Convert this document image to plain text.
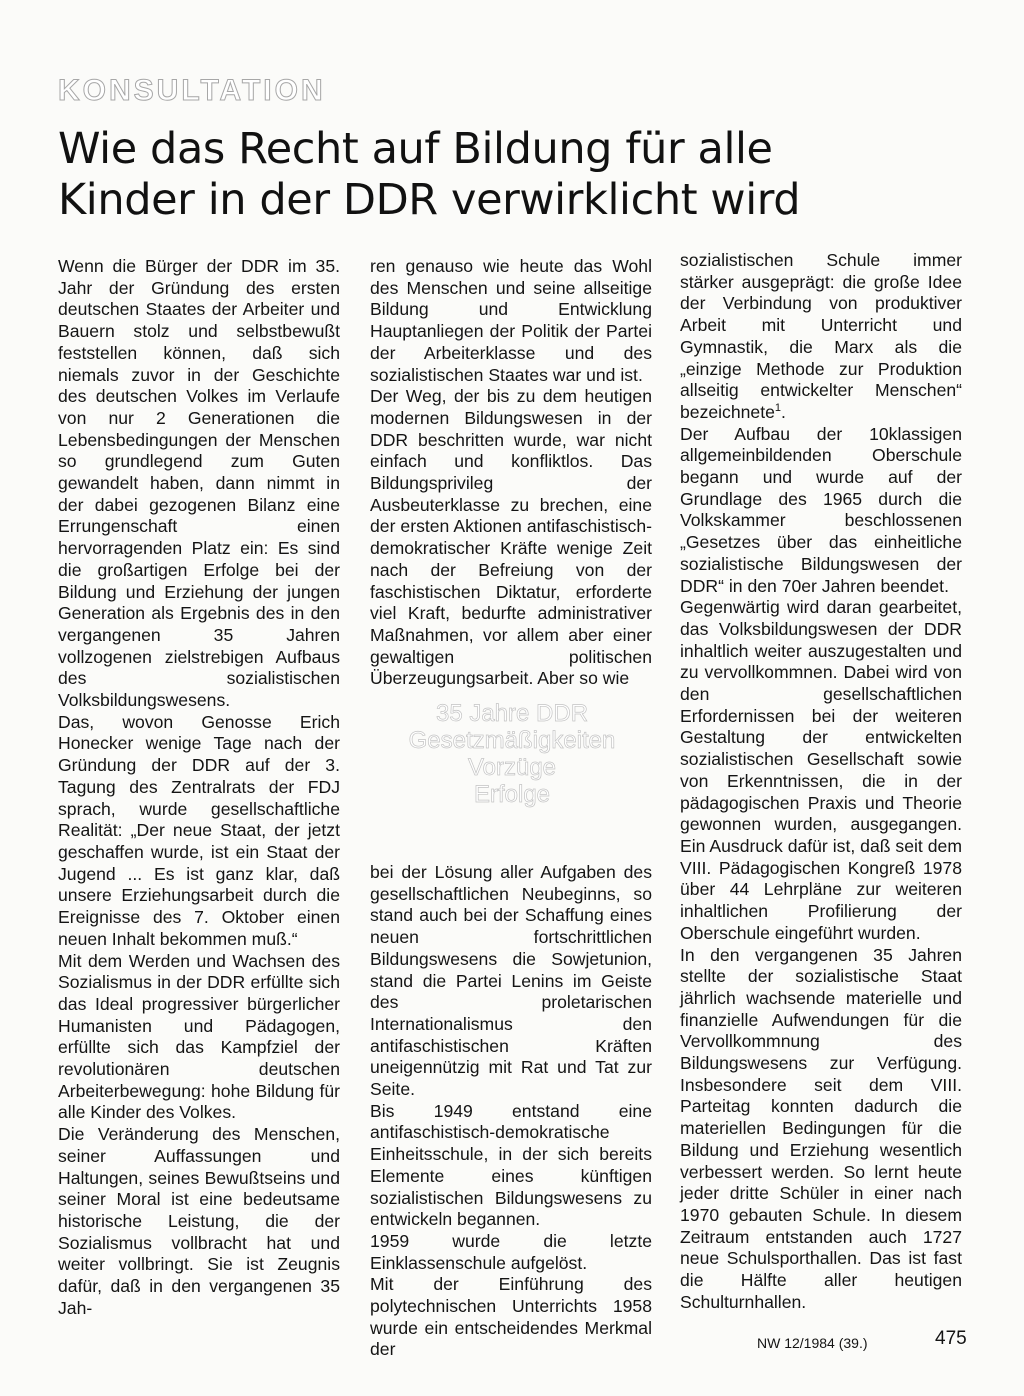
KONSULTATION
Wie das Recht auf Bildung für alle
Kinder in der DDR verwirklicht wird

Wenn die Bürger der DDR im 35. Jahr der Gründung des ersten deutschen Staates der Arbeiter und Bauern stolz und selbstbewußt feststellen können, daß sich niemals zuvor in der Geschichte des deutschen Volkes im Verlaufe von nur 2 Generationen die Lebensbedingungen der Menschen so grundlegend zum Guten gewandelt haben, dann nimmt in der dabei gezogenen Bilanz eine Errungenschaft einen hervorragenden Platz ein: Es sind die großartigen Erfolge bei der Bildung und Erziehung der jungen Generation als Ergebnis des in den vergangenen 35 Jahren vollzogenen zielstrebigen Aufbaus des sozialistischen Volksbildungswesens.

Das, wovon Genosse Erich Honecker wenige Tage nach der Gründung der DDR auf der 3. Tagung des Zentralrats der FDJ sprach, wurde gesellschaftliche Realität: „Der neue Staat, der jetzt geschaffen wurde, ist ein Staat der Jugend ... Es ist ganz klar, daß unsere Erziehungsarbeit durch die Ereignisse des 7. Oktober einen neuen Inhalt bekommen muß.“

Mit dem Werden und Wachsen des Sozialismus in der DDR erfüllte sich das Ideal progressiver bürgerlicher Humanisten und Pädagogen, erfüllte sich das Kampfziel der revolutionären deutschen Arbeiterbewegung: hohe Bildung für alle Kinder des Volkes.

Die Veränderung des Menschen, seiner Auffassungen und Haltungen, seines Bewußtseins und seiner Moral ist eine bedeutsame historische Leistung, die der Sozialismus vollbracht hat und weiter vollbringt. Sie ist Zeugnis dafür, daß in den vergangenen 35 Jah-

ren genauso wie heute das Wohl des Menschen und seine allseitige Bildung und Entwicklung Hauptanliegen der Politik der Partei der Arbeiterklasse und des sozialistischen Staates war und ist.

Der Weg, der bis zu dem heutigen modernen Bildungswesen in der DDR beschritten wurde, war nicht einfach und konfliktlos. Das Bildungsprivileg der Ausbeuterklasse zu brechen, eine der ersten Aktionen antifaschistisch-demokratischer Kräfte wenige Zeit nach der Befreiung von der faschistischen Diktatur, erforderte viel Kraft, bedurfte administrativer Maßnahmen, vor allem aber einer gewaltigen politischen Überzeugungsarbeit. Aber so wie

35 Jahre DDR
Gesetzmäßigkeiten
Vorzüge
Erfolge

bei der Lösung aller Aufgaben des gesellschaftlichen Neubeginns, so stand auch bei der Schaffung eines neuen fortschrittlichen Bildungswesens die Sowjetunion, stand die Partei Lenins im Geiste des proletarischen Internationalismus den antifaschistischen Kräften uneigennützig mit Rat und Tat zur Seite.

Bis 1949 entstand eine antifaschistisch-demokratische Einheitsschule, in der sich bereits Elemente eines künftigen sozialistischen Bildungswesens zu entwickeln begannen.

1959 wurde die letzte Einklassenschule aufgelöst.

Mit der Einführung des polytechnischen Unterrichts 1958 wurde ein entscheidendes Merkmal der

sozialistischen Schule immer stärker ausgeprägt: die große Idee der Verbindung von produktiver Arbeit mit Unterricht und Gymnastik, die Marx als die „einzige Methode zur Produktion allseitig entwickelter Menschen“ bezeichnete$^1$.

Der Aufbau der 10klassigen allgemeinbildenden Oberschule begann und wurde auf der Grundlage des 1965 durch die Volkskammer beschlossenen „Gesetzes über das einheitliche sozialistische Bildungswesen der DDR“ in den 70er Jahren beendet.

Gegenwärtig wird daran gearbeitet, das Volksbildungswesen der DDR inhaltlich weiter auszugestalten und zu vervollkommnen. Dabei wird von den gesellschaftlichen Erfordernissen bei der weiteren Gestaltung der entwickelten sozialistischen Gesellschaft sowie von Erkenntnissen, die in der pädagogischen Praxis und Theorie gewonnen wurden, ausgegangen. Ein Ausdruck dafür ist, daß seit dem VIII. Pädagogischen Kongreß 1978 über 44 Lehrpläne zur weiteren inhaltlichen Profilierung der Oberschule eingeführt wurden.

In den vergangenen 35 Jahren stellte der sozialistische Staat jährlich wachsende materielle und finanzielle Aufwendungen für die Vervollkommnung des Bildungswesens zur Verfügung. Insbesondere seit dem VIII. Parteitag konnten dadurch die materiellen Bedingungen für die Bildung und Erziehung wesentlich verbessert werden. So lernt heute jeder dritte Schüler in einer nach 1970 gebauten Schule. In diesem Zeitraum entstanden auch 1727 neue Schulsporthallen. Das ist fast die Hälfte aller heutigen Schulturnhallen.

NW 12/1984 (39.)	475
